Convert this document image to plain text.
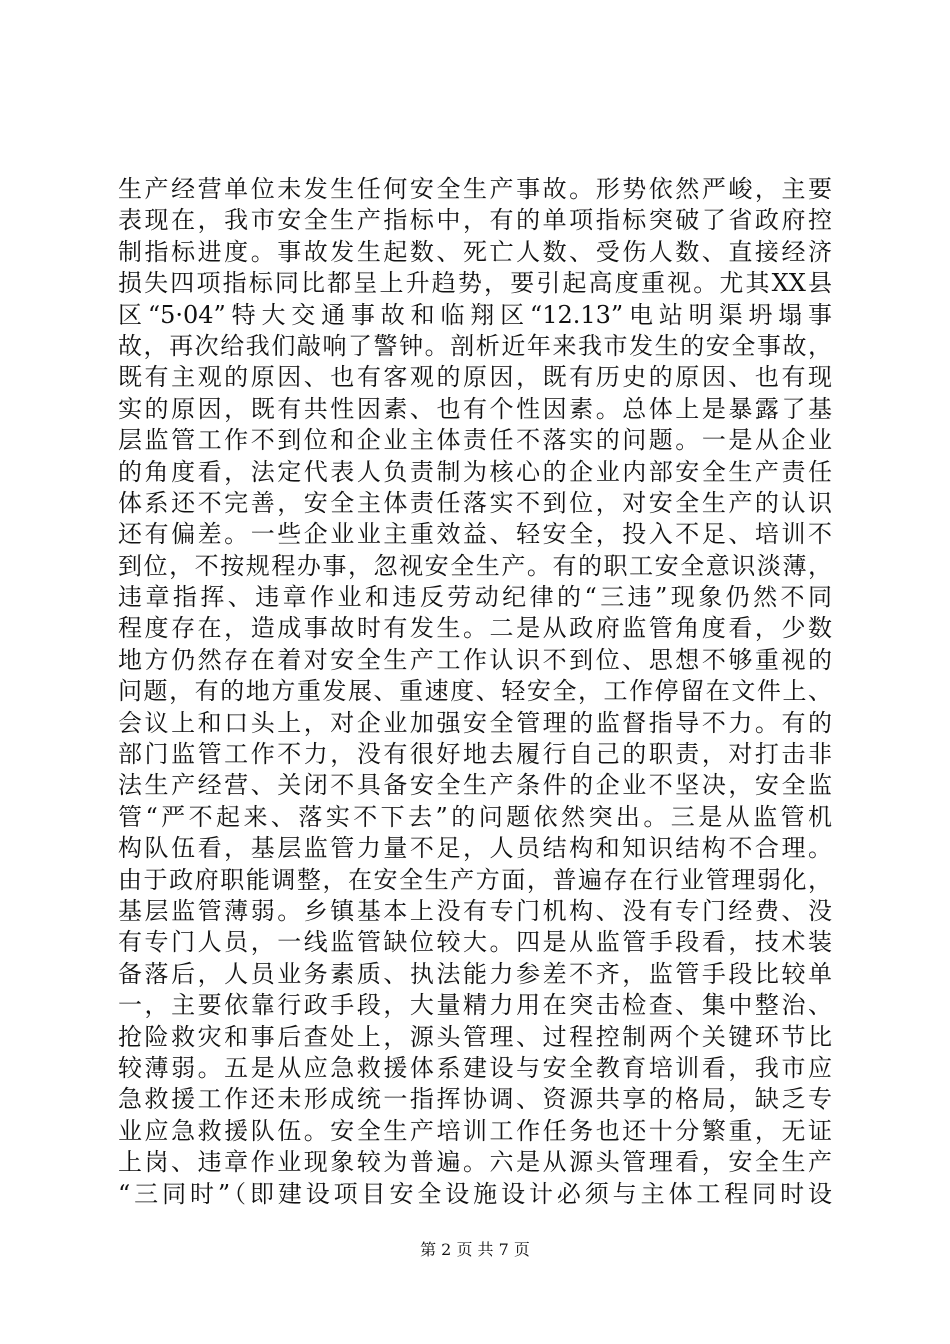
生产经营单位未发生任何安全生产事故。形势依然严峻，主要
表现在，我市安全生产指标中，有的单项指标突破了省政府控
制指标进度。事故发生起数、死亡人数、受伤人数、直接经济
损失四项指标同比都呈上升趋势，要引起高度重视。尤其XX县
区“5·04”特大交通事故和临翔区“12.13”电站明渠坍塌事
故，再次给我们敲响了警钟。剖析近年来我市发生的安全事故，
既有主观的原因、也有客观的原因，既有历史的原因、也有现
实的原因，既有共性因素、也有个性因素。总体上是暴露了基
层监管工作不到位和企业主体责任不落实的问题。一是从企业
的角度看，法定代表人负责制为核心的企业内部安全生产责任
体系还不完善，安全主体责任落实不到位，对安全生产的认识
还有偏差。一些企业业主重效益、轻安全，投入不足、培训不
到位，不按规程办事，忽视安全生产。有的职工安全意识淡薄，
违章指挥、违章作业和违反劳动纪律的“三违”现象仍然不同
程度存在，造成事故时有发生。二是从政府监管角度看，少数
地方仍然存在着对安全生产工作认识不到位、思想不够重视的
问题，有的地方重发展、重速度、轻安全，工作停留在文件上、
会议上和口头上，对企业加强安全管理的监督指导不力。有的
部门监管工作不力，没有很好地去履行自己的职责，对打击非
法生产经营、关闭不具备安全生产条件的企业不坚决，安全监
管“严不起来、落实不下去”的问题依然突出。三是从监管机
构队伍看，基层监管力量不足，人员结构和知识结构不合理。
由于政府职能调整，在安全生产方面，普遍存在行业管理弱化，
基层监管薄弱。乡镇基本上没有专门机构、没有专门经费、没
有专门人员，一线监管缺位较大。四是从监管手段看，技术装
备落后，人员业务素质、执法能力参差不齐，监管手段比较单
一，主要依靠行政手段，大量精力用在突击检查、集中整治、
抢险救灾和事后查处上，源头管理、过程控制两个关键环节比
较薄弱。五是从应急救援体系建设与安全教育培训看，我市应
急救援工作还未形成统一指挥协调、资源共享的格局，缺乏专
业应急救援队伍。安全生产培训工作任务也还十分繁重，无证
上岗、违章作业现象较为普遍。六是从源头管理看，安全生产
“三同时”（即建设项目安全设施设计必须与主体工程同时设
第 2 页 共 7 页
